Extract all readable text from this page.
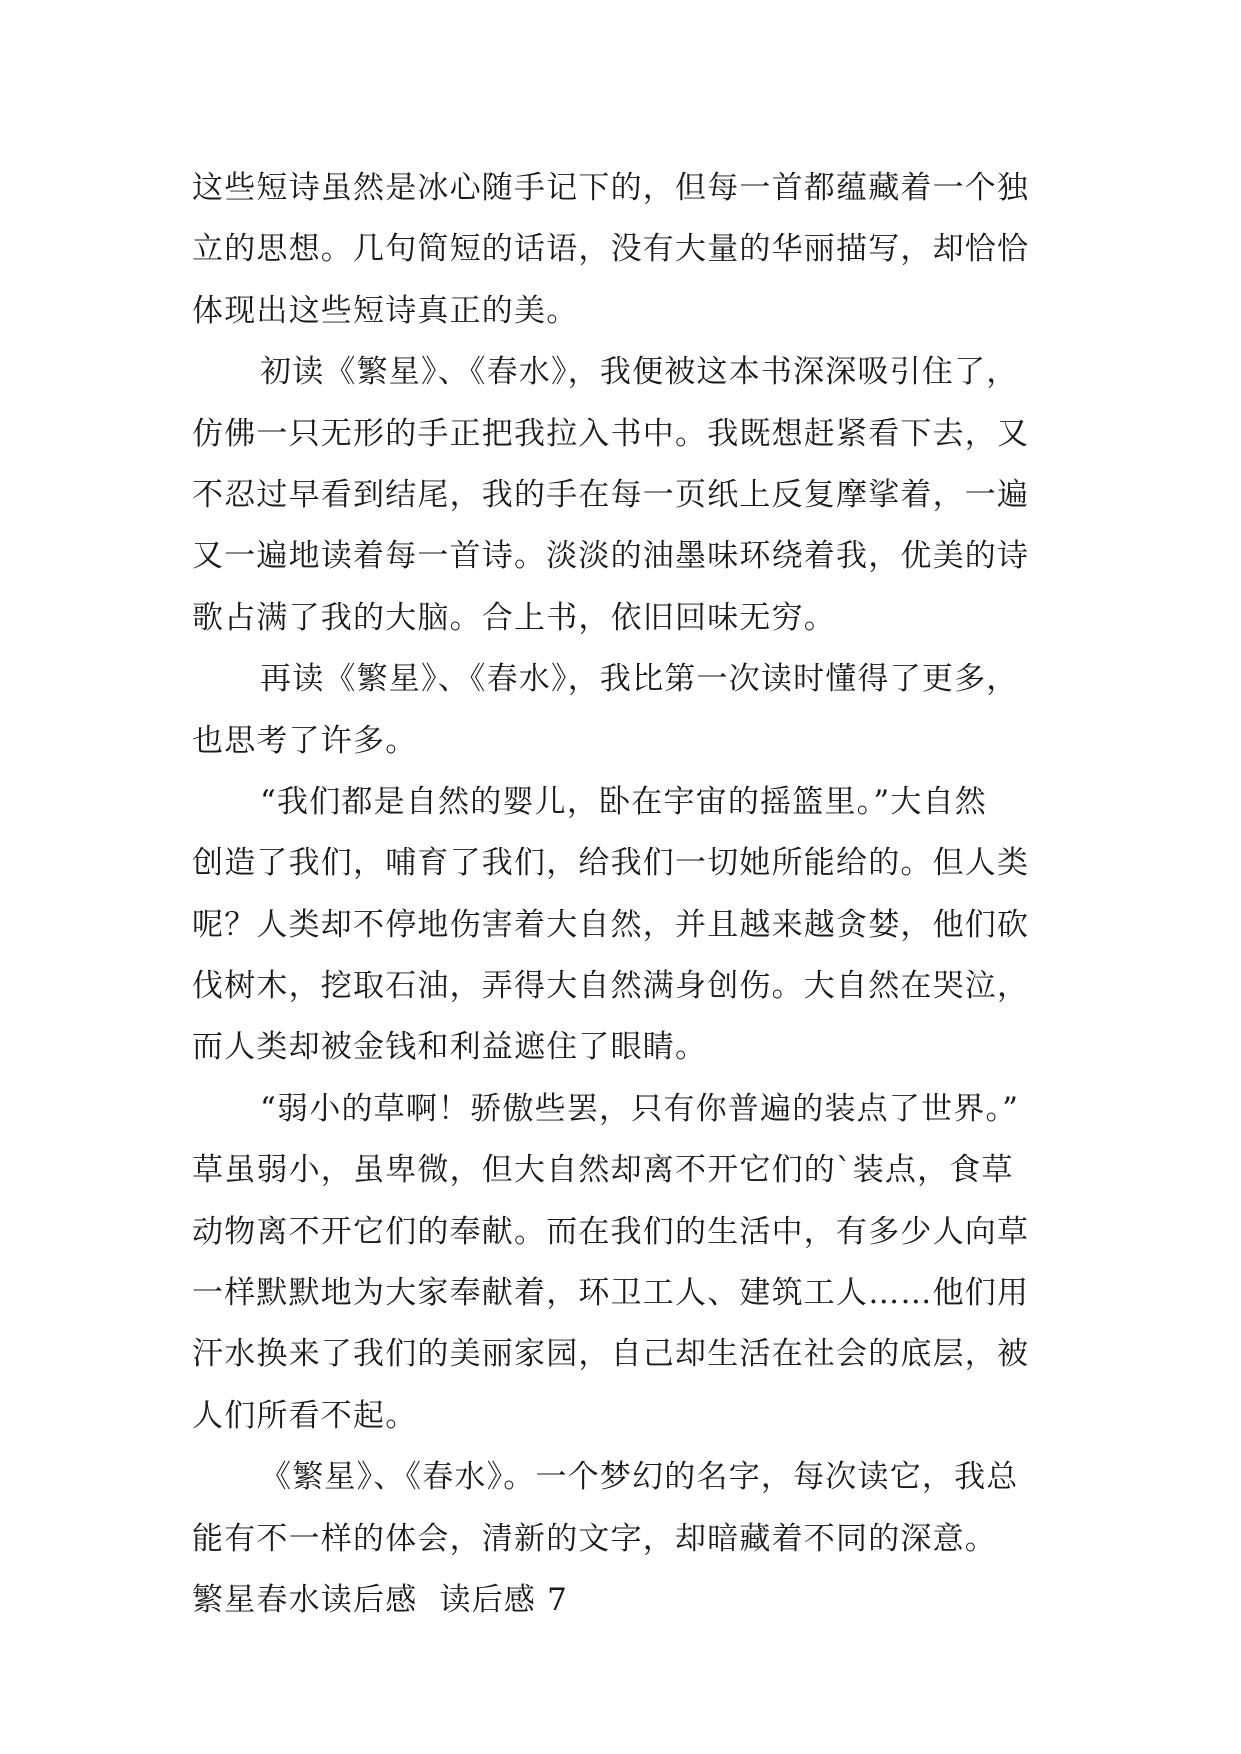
这些短诗虽然是冰心随手记下的，但每一首都蕴藏着一个独
立的思想。几句简短的话语，没有大量的华丽描写，却恰恰
体现出这些短诗真正的美。
初读《繁星》、《春水》，我便被这本书深深吸引住了，
仿佛一只无形的手正把我拉入书中。我既想赶紧看下去，又
不忍过早看到结尾，我的手在每一页纸上反复摩挲着，一遍
又一遍地读着每一首诗。淡淡的油墨味环绕着我，优美的诗
歌占满了我的大脑。合上书，依旧回味无穷。
再读《繁星》、《春水》，我比第一次读时懂得了更多，
也思考了许多。
“我们都是自然的婴儿，卧在宇宙的摇篮里。”大自然
创造了我们，哺育了我们，给我们一切她所能给的。但人类
呢？人类却不停地伤害着大自然，并且越来越贪婪，他们砍
伐树木，挖取石油，弄得大自然满身创伤。大自然在哭泣，
而人类却被金钱和利益遮住了眼睛。
“弱小的草啊！骄傲些罢，只有你普遍的装点了世界。”
草虽弱小，虽卑微，但大自然却离不开它们的`装点，食草
动物离不开它们的奉献。而在我们的生活中，有多少人向草
一样默默地为大家奉献着，环卫工人、建筑工人……他们用
汗水换来了我们的美丽家园，自己却生活在社会的底层，被
人们所看不起。
《繁星》、《春水》。一个梦幻的名字，每次读它，我总
能有不一样的体会，清新的文字，却暗藏着不同的深意。
繁星春水读后感  读后感 7
